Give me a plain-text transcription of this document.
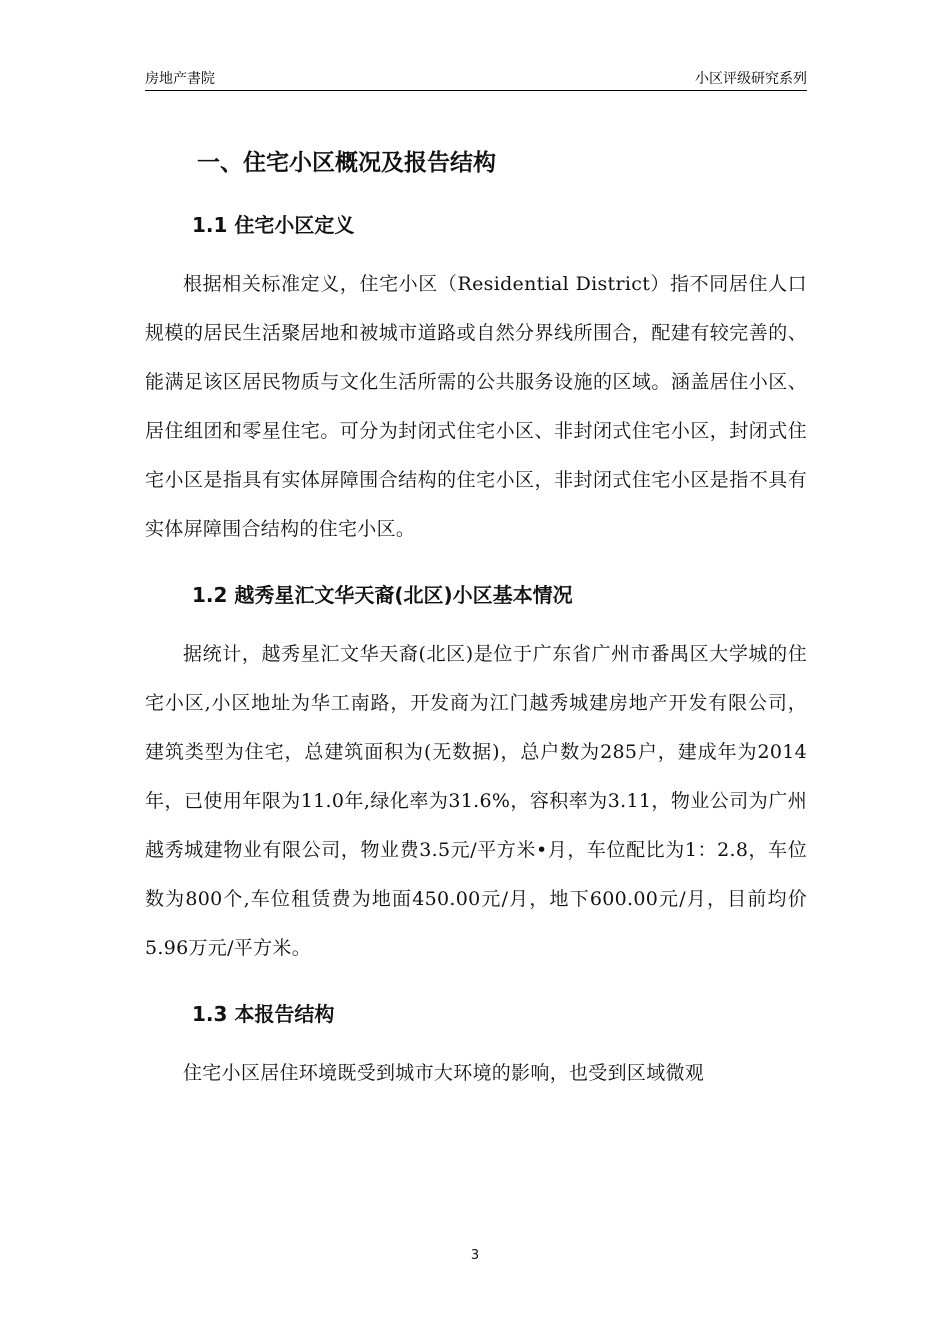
房地产書院	小区评级研究系列
一、住宅小区概况及报告结构
1.1 住宅小区定义

根据相关标准定义，住宅小区（Residential District）指不同居住人口规模的居民生活聚居地和被城市道路或自然分界线所围合，配建有较完善的、能满足该区居民物质与文化生活所需的公共服务设施的区域。涵盖居住小区、居住组团和零星住宅。可分为封闭式住宅小区、非封闭式住宅小区，封闭式住宅小区是指具有实体屏障围合结构的住宅小区，非封闭式住宅小区是指不具有实体屏障围合结构的住宅小区。

1.2 越秀星汇文华天裔(北区)小区基本情况

据统计，越秀星汇文华天裔(北区)是位于广东省广州市番禺区大学城的住宅小区,小区地址为华工南路，开发商为江门越秀城建房地产开发有限公司，建筑类型为住宅，总建筑面积为(无数据)，总户数为285户，建成年为2014年，已使用年限为11.0年,绿化率为31.6%，容积率为3.11，物业公司为广州越秀城建物业有限公司，物业费3.5元/平方米•月，车位配比为1：2.8，车位数为800个,车位租赁费为地面450.00元/月，地下600.00元/月，目前均价5.96万元/平方米。

1.3 本报告结构

住宅小区居住环境既受到城市大环境的影响，也受到区域微观

3
